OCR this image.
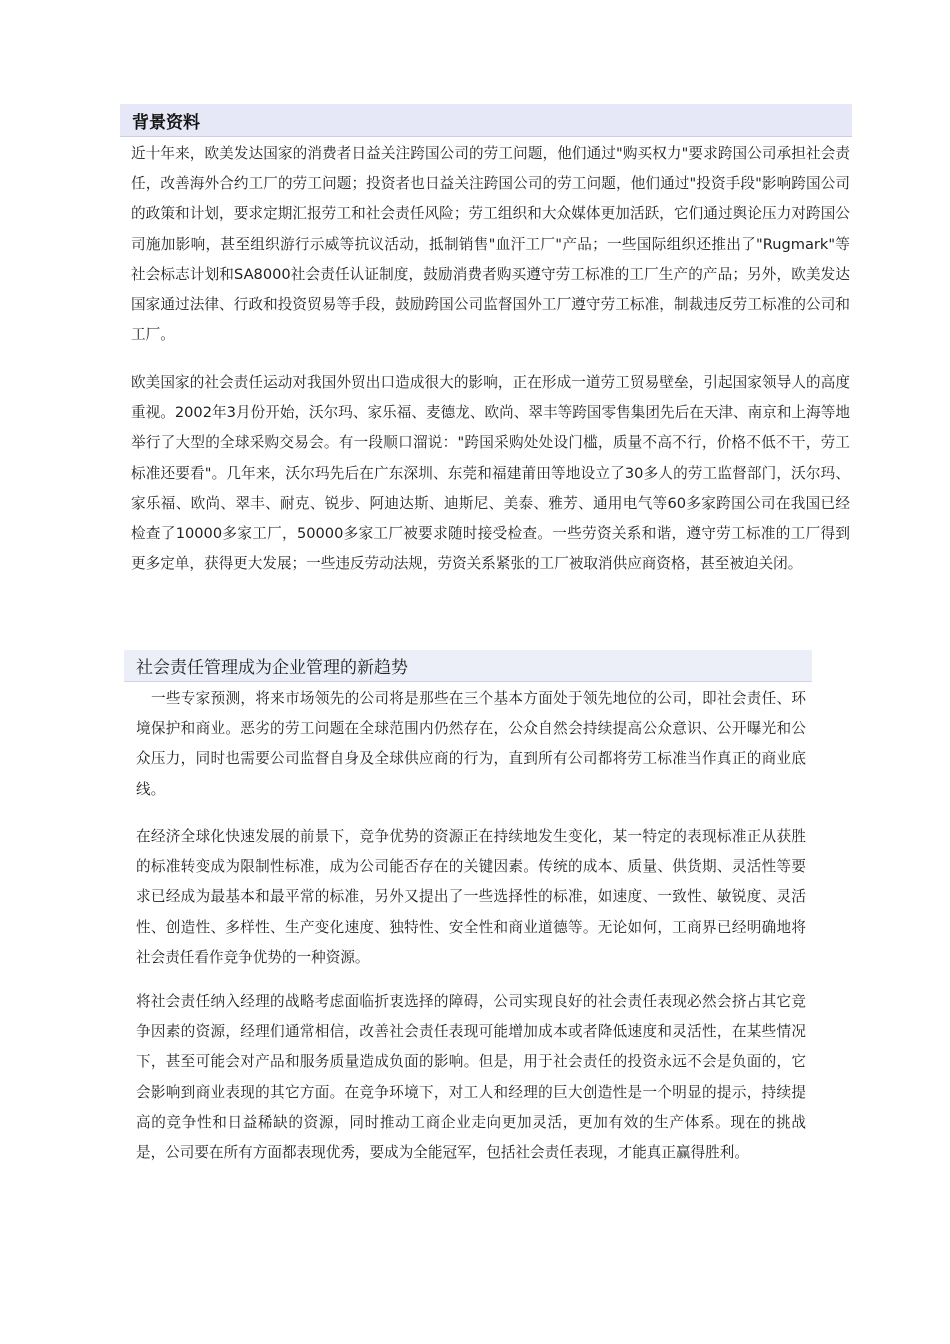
背景资料

近十年来，欧美发达国家的消费者日益关注跨国公司的劳工问题，他们通过"购买权力"要求跨国公司承担社会责任，改善海外合约工厂的劳工问题；投资者也日益关注跨国公司的劳工问题，他们通过"投资手段"影响跨国公司的政策和计划，要求定期汇报劳工和社会责任风险；劳工组织和大众媒体更加活跃，它们通过舆论压力对跨国公司施加影响，甚至组织游行示威等抗议活动，抵制销售"血汗工厂"产品；一些国际组织还推出了"Rugmark"等社会标志计划和SA8000社会责任认证制度，鼓励消费者购买遵守劳工标准的工厂生产的产品；另外，欧美发达国家通过法律、行政和投资贸易等手段，鼓励跨国公司监督国外工厂遵守劳工标准，制裁违反劳工标准的公司和工厂。

欧美国家的社会责任运动对我国外贸出口造成很大的影响，正在形成一道劳工贸易壁垒，引起国家领导人的高度重视。2002年3月份开始，沃尔玛、家乐福、麦德龙、欧尚、翠丰等跨国零售集团先后在天津、南京和上海等地举行了大型的全球采购交易会。有一段顺口溜说："跨国采购处处设门槛，质量不高不行，价格不低不干，劳工标准还要看"。几年来，沃尔玛先后在广东深圳、东莞和福建莆田等地设立了30多人的劳工监督部门，沃尔玛、家乐福、欧尚、翠丰、耐克、锐步、阿迪达斯、迪斯尼、美泰、雅芳、通用电气等60多家跨国公司在我国已经检查了10000多家工厂，50000多家工厂被要求随时接受检查。一些劳资关系和谐，遵守劳工标准的工厂得到更多定单，获得更大发展；一些违反劳动法规，劳资关系紧张的工厂被取消供应商资格，甚至被迫关闭。

社会责任管理成为企业管理的新趋势

一些专家预测，将来市场领先的公司将是那些在三个基本方面处于领先地位的公司，即社会责任、环境保护和商业。恶劣的劳工问题在全球范围内仍然存在，公众自然会持续提高公众意识、公开曝光和公众压力，同时也需要公司监督自身及全球供应商的行为，直到所有公司都将劳工标准当作真正的商业底线。

在经济全球化快速发展的前景下，竞争优势的资源正在持续地发生变化，某一特定的表现标准正从获胜的标准转变成为限制性标准，成为公司能否存在的关键因素。传统的成本、质量、供货期、灵活性等要求已经成为最基本和最平常的标准，另外又提出了一些选择性的标准，如速度、一致性、敏锐度、灵活性、创造性、多样性、生产变化速度、独特性、安全性和商业道德等。无论如何，工商界已经明确地将社会责任看作竞争优势的一种资源。

将社会责任纳入经理的战略考虑面临折衷选择的障碍，公司实现良好的社会责任表现必然会挤占其它竞争因素的资源，经理们通常相信，改善社会责任表现可能增加成本或者降低速度和灵活性，在某些情况下，甚至可能会对产品和服务质量造成负面的影响。但是，用于社会责任的投资永远不会是负面的，它会影响到商业表现的其它方面。在竞争环境下，对工人和经理的巨大创造性是一个明显的提示，持续提高的竞争性和日益稀缺的资源，同时推动工商企业走向更加灵活，更加有效的生产体系。现在的挑战是，公司要在所有方面都表现优秀，要成为全能冠军，包括社会责任表现，才能真正赢得胜利。
